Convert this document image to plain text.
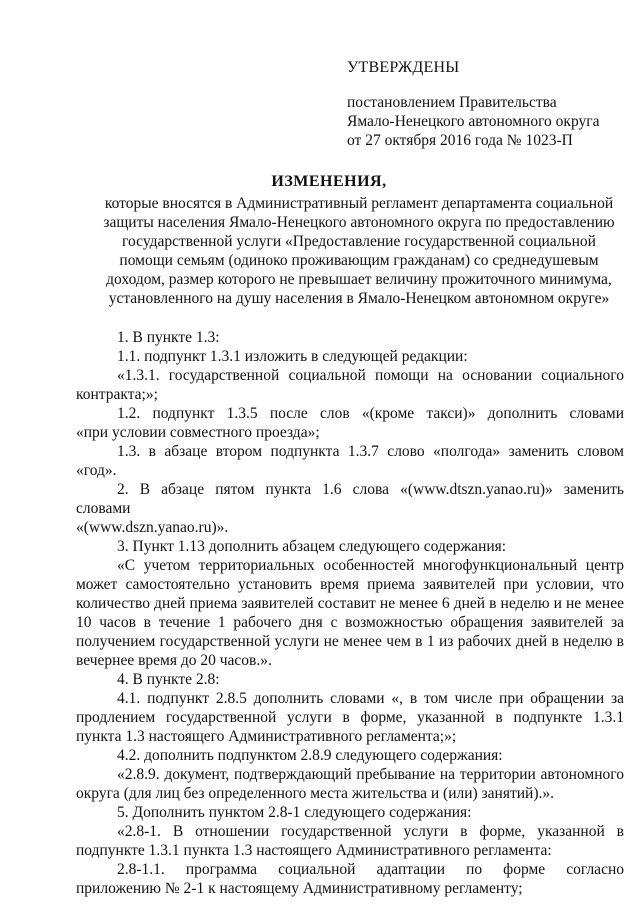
УТВЕРЖДЕНЫ
постановлением Правительства
Ямало-Ненецкого автономного округа
от 27 октября 2016 года № 1023-П
ИЗМЕНЕНИЯ,
которые вносятся в Административный регламент департамента социальной
защиты населения Ямало-Ненецкого автономного округа по предоставлению
государственной услуги «Предоставление государственной социальной
помощи семьям (одиноко проживающим гражданам) со среднедушевым
доходом, размер которого не превышает величину прожиточного минимума,
установленного на душу населения в Ямало-Ненецком автономном округе»

1. В пункте 1.3:

1.1. подпункт 1.3.1 изложить в следующей редакции:

«1.3.1. государственной социальной помощи на основании социального
контракта;»;

1.2. подпункт 1.3.5 после слов «(кроме такси)» дополнить словами
«при условии совместного проезда»;

1.3. в абзаце втором подпункта 1.3.7 слово «полгода» заменить словом
«год».

2. В абзаце пятом пункта 1.6 слова «(www.dtszn.yanao.ru)» заменить словами
«(www.dszn.yanao.ru)».

3. Пункт 1.13 дополнить абзацем следующего содержания:

«С учетом территориальных особенностей многофункциональный центр
может самостоятельно установить время приема заявителей при условии, что
количество дней приема заявителей составит не менее 6 дней в неделю и не менее
10 часов в течение 1 рабочего дня с возможностью обращения заявителей за
получением государственной услуги не менее чем в 1 из рабочих дней в неделю в
вечернее время до 20 часов.».

4. В пункте 2.8:

4.1. подпункт 2.8.5 дополнить словами «, в том числе при обращении за
продлением государственной услуги в форме, указанной в подпункте 1.3.1
пункта 1.3 настоящего Административного регламента;»;

4.2. дополнить подпунктом 2.8.9 следующего содержания:

«2.8.9. документ, подтверждающий пребывание на территории автономного
округа (для лиц без определенного места жительства и (или) занятий).».

5. Дополнить пунктом 2.8-1 следующего содержания:

«2.8-1. В отношении государственной услуги в форме, указанной в
подпункте 1.3.1 пункта 1.3 настоящего Административного регламента:

2.8-1.1. программа социальной адаптации по форме согласно
приложению № 2-1 к настоящему Административному регламенту;
